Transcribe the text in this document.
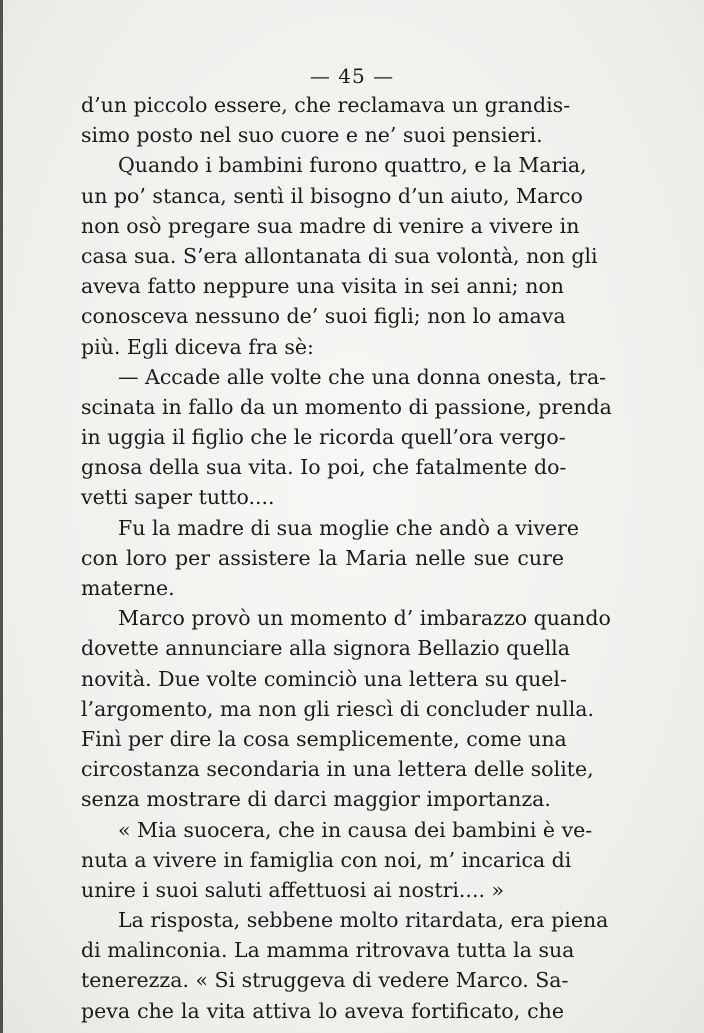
— 45 —
d’un piccolo essere, che reclamava un grandis-
simo posto nel suo cuore e ne’ suoi pensieri.
Quando i bambini furono quattro, e la Maria,
un po’ stanca, sentì il bisogno d’un aiuto, Marco
non osò pregare sua madre di venire a vivere in
casa sua. S’era allontanata di sua volontà, non gli
aveva fatto neppure una visita in sei anni; non
conosceva nessuno de’ suoi figli; non lo amava
più. Egli diceva fra sè:
— Accade alle volte che una donna onesta, tra-
scinata in fallo da un momento di passione, prenda
in uggia il figlio che le ricorda quell’ora vergo-
gnosa della sua vita. Io poi, che fatalmente do-
vetti saper tutto....
Fu la madre di sua moglie che andò a vivere
con loro per assistere la Maria nelle sue cure
materne.
Marco provò un momento d’ imbarazzo quando
dovette annunciare alla signora Bellazio quella
novità. Due volte cominciò una lettera su quel-
l’argomento, ma non gli riescì di concluder nulla.
Finì per dire la cosa semplicemente, come una
circostanza secondaria in una lettera delle solite,
senza mostrare di darci maggior importanza.
« Mia suocera, che in causa dei bambini è ve-
nuta a vivere in famiglia con noi, m’ incarica di
unire i suoi saluti affettuosi ai nostri.... »
La risposta, sebbene molto ritardata, era piena
di malinconia. La mamma ritrovava tutta la sua
tenerezza. « Si struggeva di vedere Marco. Sa-
peva che la vita attiva lo aveva fortificato, che
